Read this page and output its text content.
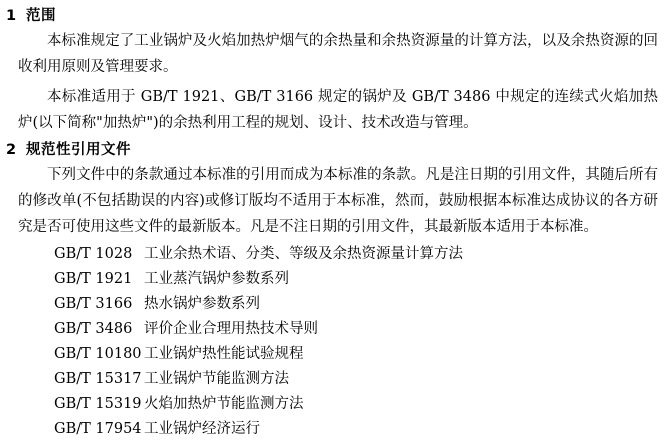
1 范围

本标准规定了工业锅炉及火焰加热炉烟气的余热量和余热资源量的计算方法，以及余热资源的回收利用原则及管理要求。

本标准适用于 GB/T 1921、GB/T 3166 规定的锅炉及 GB/T 3486 中规定的连续式火焰加热炉(以下简称"加热炉")的余热利用工程的规划、设计、技术改造与管理。

2 规范性引用文件

下列文件中的条款通过本标准的引用而成为本标准的条款。凡是注日期的引用文件，其随后所有的修改单(不包括勘误的内容)或修订版均不适用于本标准，然而，鼓励根据本标准达成协议的各方研究是否可使用这些文件的最新版本。凡是不注日期的引用文件，其最新版本适用于本标准。

GB/T 1028 工业余热术语、分类、等级及余热资源量计算方法
GB/T 1921 工业蒸汽锅炉参数系列
GB/T 3166 热水锅炉参数系列
GB/T 3486 评价企业合理用热技术导则
GB/T 10180 工业锅炉热性能试验规程
GB/T 15317 工业锅炉节能监测方法
GB/T 15319 火焰加热炉节能监测方法
GB/T 17954 工业锅炉经济运行
